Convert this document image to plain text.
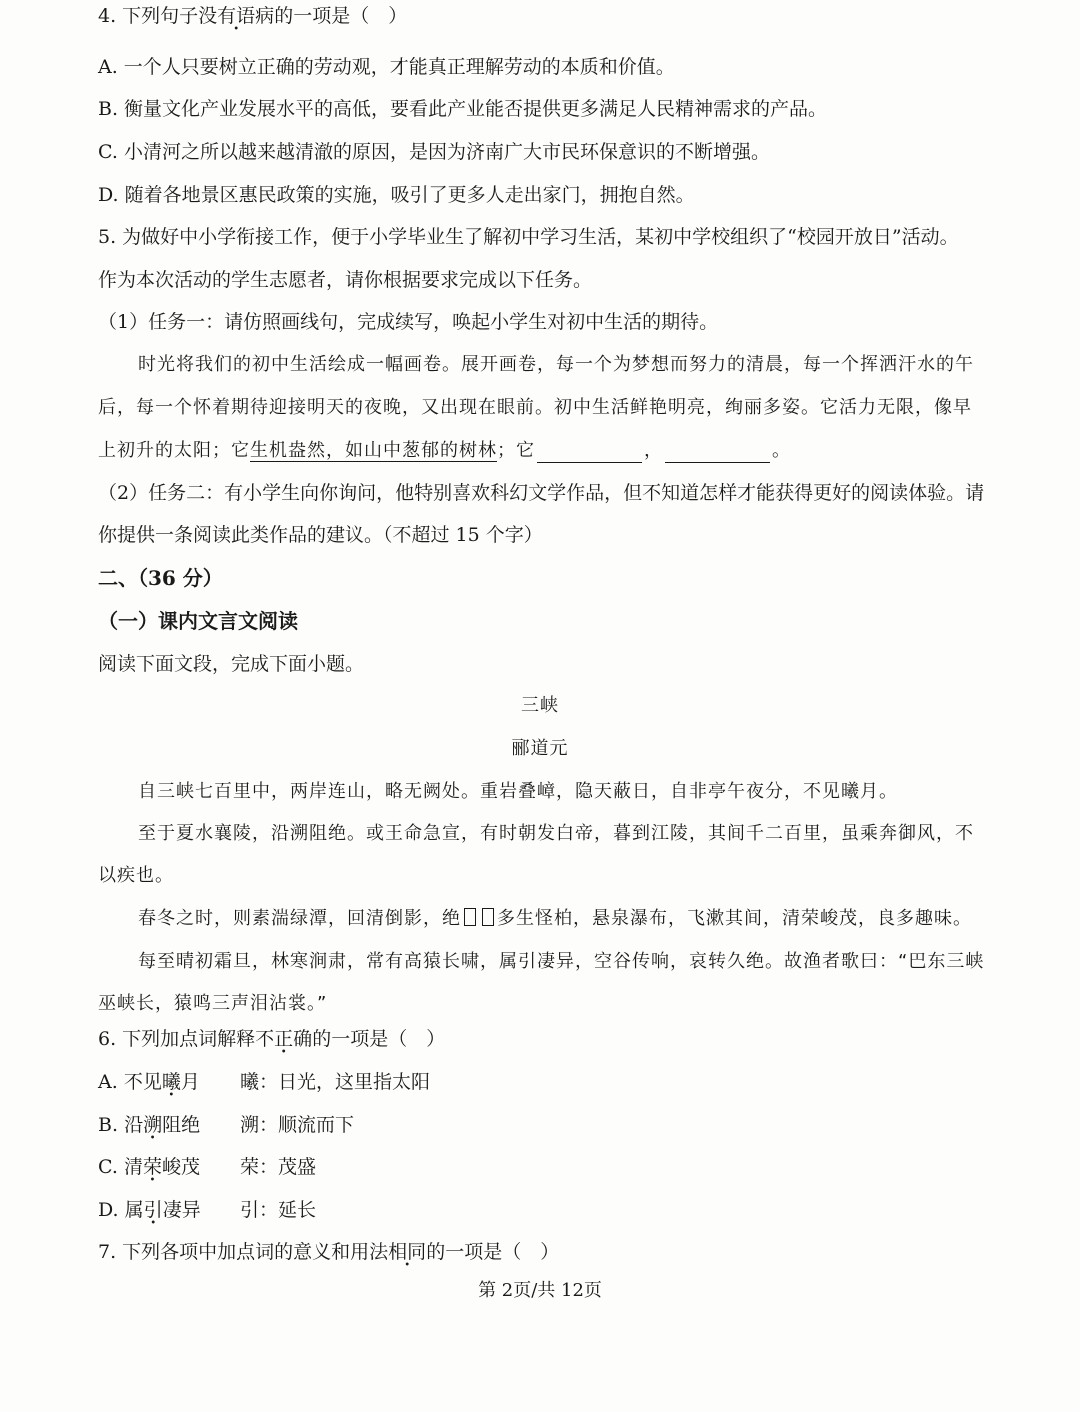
4. 下列句子没有语病的一项是（　）
A. 一个人只要树立正确的劳动观，才能真正理解劳动的本质和价值。
B. 衡量文化产业发展水平的高低，要看此产业能否提供更多满足人民精神需求的产品。
C. 小清河之所以越来越清澈的原因，是因为济南广大市民环保意识的不断增强。
D. 随着各地景区惠民政策的实施，吸引了更多人走出家门，拥抱自然。
5. 为做好中小学衔接工作，便于小学毕业生了解初中学习生活，某初中学校组织了“校园开放日”活动。
作为本次活动的学生志愿者，请你根据要求完成以下任务。
（1）任务一：请仿照画线句，完成续写，唤起小学生对初中生活的期待。
时光将我们的初中生活绘成一幅画卷。展开画卷，每一个为梦想而努力的清晨，每一个挥洒汗水的午
后，每一个怀着期待迎接明天的夜晚，又出现在眼前。初中生活鲜艳明亮，绚丽多姿。它活力无限，像早
上初升的太阳；它生机盎然，如山中葱郁的树林；它	，	。
（2）任务二：有小学生向你询问，他特别喜欢科幻文学作品，但不知道怎样才能获得更好的阅读体验。请
你提供一条阅读此类作品的建议。（不超过 15 个字）
二、（36 分）
（一）课内文言文阅读
阅读下面文段，完成下面小题。
三峡
郦道元
自三峡七百里中，两岸连山，略无阙处。重岩叠嶂，隐天蔽日，自非亭午夜分，不见曦月。
至于夏水襄陵，沿溯阻绝。或王命急宣，有时朝发白帝，暮到江陵，其间千二百里，虽乘奔御风，不
以疾也。
春冬之时，则素湍绿潭，回清倒影，绝 多生怪柏，悬泉瀑布，飞漱其间，清荣峻茂，良多趣味。
每至晴初霜旦，林寒涧肃，常有高猿长啸，属引凄异，空谷传响，哀转久绝。故渔者歌曰：“巴东三峡
巫峡长，猿鸣三声泪沾裳。”
6. 下列加点词解释不正确的一项是（　）
A. 不见曦月 曦：日光，这里指太阳
B. 沿溯阻绝 溯：顺流而下
C. 清荣峻茂 荣：茂盛
D. 属引凄异 引：延长
7. 下列各项中加点词的意义和用法相同的一项是（　）
第 2页/共 12页
